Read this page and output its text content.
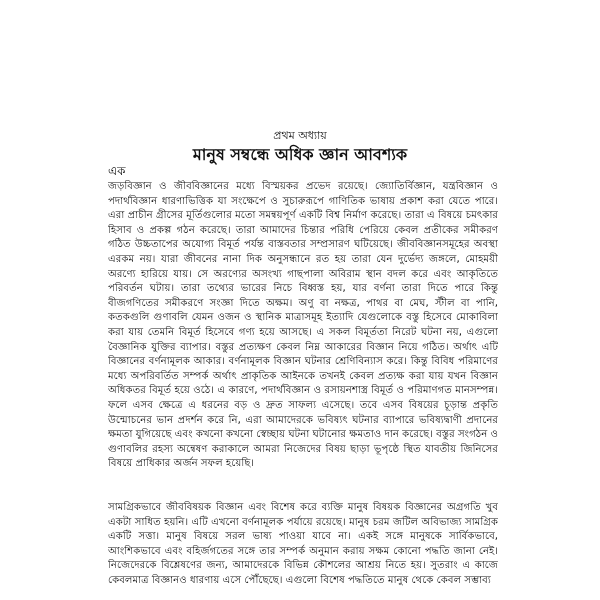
প্রথম অধ্যায়
মানুষ সম্বন্ধে অধিক জ্ঞান আবশ্যক
এক

জড়বিজ্ঞান ও জীববিজ্ঞানের মধ্যে বিস্ময়কর প্রভেদ রয়েছে। জ্যোতির্বিজ্ঞান, যন্ত্রবিজ্ঞান ও পদার্থবিজ্ঞান ধারণাভিত্তিক যা সংক্ষেপে ও সুচারুরূপে গাণিতিক ভাষায় প্রকাশ করা যেতে পারে। এরা প্রাচীন গ্রীসের মূর্তিগুলোর মতো সমন্বয়পূর্ণ একটি বিশ্ব নির্মাণ করেছে। তারা এ বিষয়ে চমৎকার হিসাব ও প্রকল্প গঠন করেছে। তারা আমাদের চিন্তার পরিধি পেরিয়ে কেবল প্রতীকের সমীকরণ গঠিত উচ্চতাপের অযোগ্য বিমূর্ত পর্যন্ত বাস্তবতার সম্প্রসারণ ঘটিয়েছে। জীববিজ্ঞানসমূহের অবস্থা এরকম নয়। যারা জীবনের নানা দিক অনুসন্ধানে রত হয় তারা যেন দুর্ভেদ্য জঙ্গলে, মোহময়ী অরণ্যে হারিয়ে যায়। সে অরণ্যের অসংখ্য গাছপালা অবিরাম স্থান বদল করে এবং আকৃতিতে পরিবর্তন ঘটায়। তারা তথ্যের ভারের নিচে বিধ্বস্ত হয়, যার বর্ণনা তারা দিতে পারে কিন্তু বীজগণিতের সমীকরণে সংজ্ঞা দিতে অক্ষম। অণু বা নক্ষত্র, পাথর বা মেঘ, স্টীল বা পানি, কতকগুলি গুণাবলি যেমন ওজন ও স্থানিক মাত্রাসমূহ ইত্যাদি যেগুলোকে বস্তু হিসেবে মোকাবিলা করা যায় তেমনি বিমূর্ত হিসেবে গণ্য হয়ে আসছে। এ সকল বিমূর্ততা নিরেট ঘটনা নয়, এগুলো বৈজ্ঞানিক যুক্তির ব্যাপার। বস্তুর প্রত্যক্ষণ কেবল নিম্ন আকারের বিজ্ঞান নিয়ে গঠিত। অর্থাৎ এটি বিজ্ঞানের বর্ণনামূলক আকার। বর্ণনামূলক বিজ্ঞান ঘটনার শ্রেণিবিন্যাস করে। কিন্তু বিবিধ পরিমাণের মধ্যে অপরিবর্তিত সম্পর্ক অর্থাৎ প্রাকৃতিক আইনকে তখনই কেবল প্রত্যক্ষ করা যায় যখন বিজ্ঞান অধিকতর বিমূর্ত হয়ে ওঠে। এ কারণে, পদার্থবিজ্ঞান ও রসায়নশাস্ত্র বিমূর্ত ও পরিমাণগত মানসম্পন্ন। ফলে এসব ক্ষেত্রে এ ধরনের বড় ও দ্রুত সাফল্য এসেছে। তবে এসব বিষয়ের চূড়ান্ত প্রকৃতি উন্মোচনের ভান প্রদর্শন করে নি, এরা আমাদেরকে ভবিষ্যৎ ঘটনার ব্যাপারে ভবিষ্যদ্বাণী প্রদানের ক্ষমতা যুগিয়েছে এবং কখনো কখনো স্বেচ্ছায় ঘটনা ঘটানোর ক্ষমতাও দান করেছে। বস্তুর সংগঠন ও গুণাবলির রহস্য অন্বেষণ করাকালে আমরা নিজেদের বিষয় ছাড়া ভূপৃষ্ঠে স্থিত যাবতীয় জিনিসের বিষয়ে প্রাধিকার অর্জন সফল হয়েছি।

সামগ্রিকভাবে জীববিষয়ক বিজ্ঞান এবং বিশেষ করে ব্যক্তি মানুষ বিষয়ক বিজ্ঞানের অগ্রগতি খুব একটা সাধিত হয়নি। এটি এখনো বর্ণনামূলক পর্যায়ে রয়েছে। মানুষ চরম জটিল অবিভাজ্য সামগ্রিক একটি সত্তা। মানুষ বিষয়ে সরল ভাষ্য পাওয়া যাবে না। একই সঙ্গে মানুষকে সার্বিকভাবে, আংশিকভাবে এবং বহির্জগতের সঙ্গে তার সম্পর্ক অনুমান করায় সক্ষম কোনো পদ্ধতি জানা নেই। নিজেদেরকে বিশ্লেষণের জন্য, আমাদেরকে বিভিন্ন কৌশলের আশ্রয় নিতে হয়। সুতরাং এ কাজে কেবলমাত্র বিজ্ঞানও ধারণায় এসে পৌঁছেছে। এগুলো বিশেষ পদ্ধতিতে মানুষ থেকে কেবল সম্ভাব্য
